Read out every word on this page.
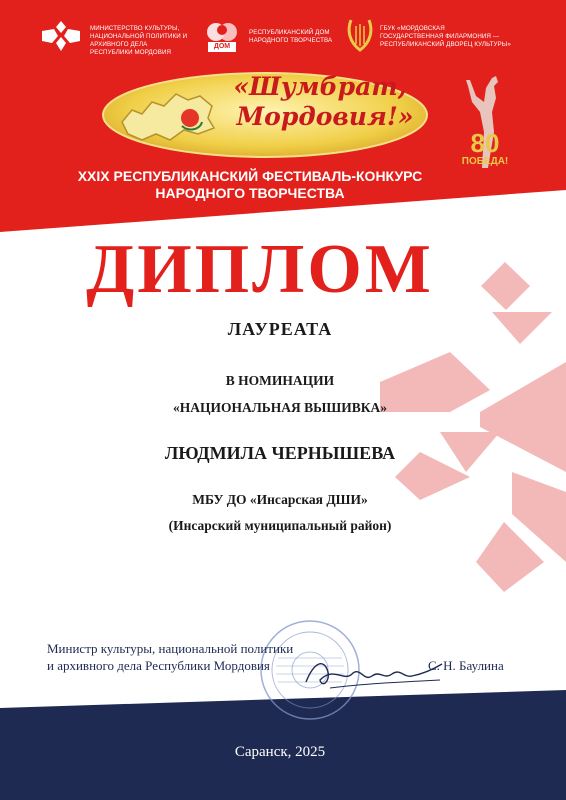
МИНИСТЕРСТВО КУЛЬТУРЫ,
НАЦИОНАЛЬНОЙ ПОЛИТИКИ И
АРХИВНОГО ДЕЛА
РЕСПУБЛИКИ МОРДОВИЯ
ДОМ
РЕСПУБЛИКАНСКИЙ ДОМ
НАРОДНОГО ТВОРЧЕСТВА
ГБУК «МОРДОВСКАЯ
ГОСУДАРСТВЕННАЯ ФИЛАРМОНИЯ —
РЕСПУБЛИКАНСКИЙ ДВОРЕЦ КУЛЬТУРЫ»
«Шумбрат,
Мордовия!»
80
ПОБЕДА!
XXIX РЕСПУБЛИКАНСКИЙ ФЕСТИВАЛЬ-КОНКУРС
НАРОДНОГО ТВОРЧЕСТВА
ДИПЛОМ
ЛАУРЕАТА
В НОМИНАЦИИ
«НАЦИОНАЛЬНАЯ ВЫШИВКА»
ЛЮДМИЛА ЧЕРНЫШЕВА
МБУ ДО «Инсарская ДШИ»
(Инсарский муниципальный район)
Министр культуры, национальной политики
и архивного дела Республики Мордовия	С. Н. Баулина
Саранск, 2025
